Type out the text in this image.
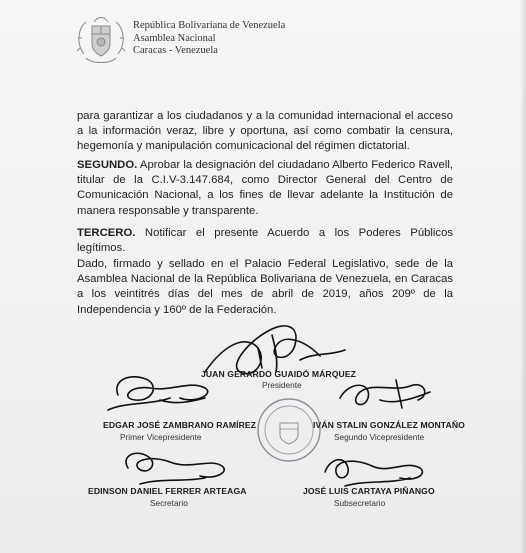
República Bolivariana de Venezuela
Asamblea Nacional
Caracas - Venezuela
para garantizar a los ciudadanos y a la comunidad internacional el acceso a la información veraz, libre y oportuna, así como combatir la censura, hegemonía y manipulación comunicacional del régimen dictatorial.
SEGUNDO. Aprobar la designación del ciudadano Alberto Federico Ravell, titular de la C.I.V-3.147.684, como Director General del Centro de Comunicación Nacional, a los fines de llevar adelante la Institución de manera responsable y transparente.
TERCERO. Notificar el presente Acuerdo a los Poderes Públicos legítimos.
Dado, firmado y sellado en el Palacio Federal Legislativo, sede de la Asamblea Nacional de la República Bolivariana de Venezuela, en Caracas a los veintitrés días del mes de abril de 2019, años 209º de la Independencia y 160º de la Federación.
JUAN GERARDO GUAIDÓ MÁRQUEZ
Presidente
EDGAR JOSÉ ZAMBRANO RAMÍREZ
Primer Vicepresidente
IVÁN STALIN GONZÁLEZ MONTAÑO
Segundo Vicepresidente
EDINSON DANIEL FERRER ARTEAGA
Secretario
JOSÉ LUIS CARTAYA PIÑANGO
Subsecretario
